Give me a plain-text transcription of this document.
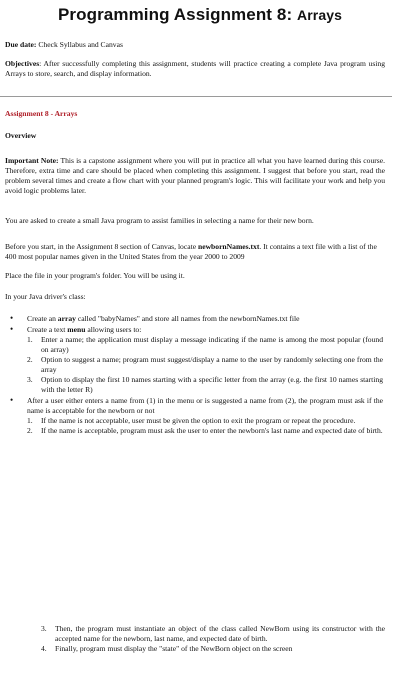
Programming Assignment 8: Arrays
Due date: Check Syllabus and Canvas
Objectives: After successfully completing this assignment, students will practice creating a complete Java program using Arrays to store, search, and display information.
Assignment 8 - Arrays
Overview
Important Note: This is a capstone assignment where you will put in practice all what you have learned during this course. Therefore, extra time and care should be placed when completing this assignment. I suggest that before you start, read the problem several times and create a flow chart with your planned program's logic. This will facilitate your work and help you avoid logic problems later.
You are asked to create a small Java program to assist families in selecting a name for their new born.
Before you start, in the Assignment 8 section of Canvas, locate newbornNames.txt. It contains a text file with a list of the 400 most popular names given in the United States from the year 2000 to 2009
Place the file in your program's folder. You will be using it.
In your Java driver's class:
• Create an array called "babyNames" and store all names from the newbornNames.txt file
• Create a text menu allowing users to:
1. Enter a name; the application must display a message indicating if the name is among the most popular (found on array)
2. Option to suggest a name; program must suggest/display a name to the user by randomly selecting one from the array
3. Option to display the first 10 names starting with a specific letter from the array (e.g. the first 10 names starting with the letter R)
• After a user either enters a name from (1) in the menu or is suggested a name from (2), the program must ask if the name is acceptable for the newborn or not
1. If the name is not acceptable, user must be given the option to exit the program or repeat the procedure.
2. If the name is acceptable, program must ask the user to enter the newborn's last name and expected date of birth.
3. Then, the program must instantiate an object of the class called NewBorn using its constructor with the accepted name for the newborn, last name, and expected date of birth.
4. Finally, program must display the "state" of the NewBorn object on the screen
